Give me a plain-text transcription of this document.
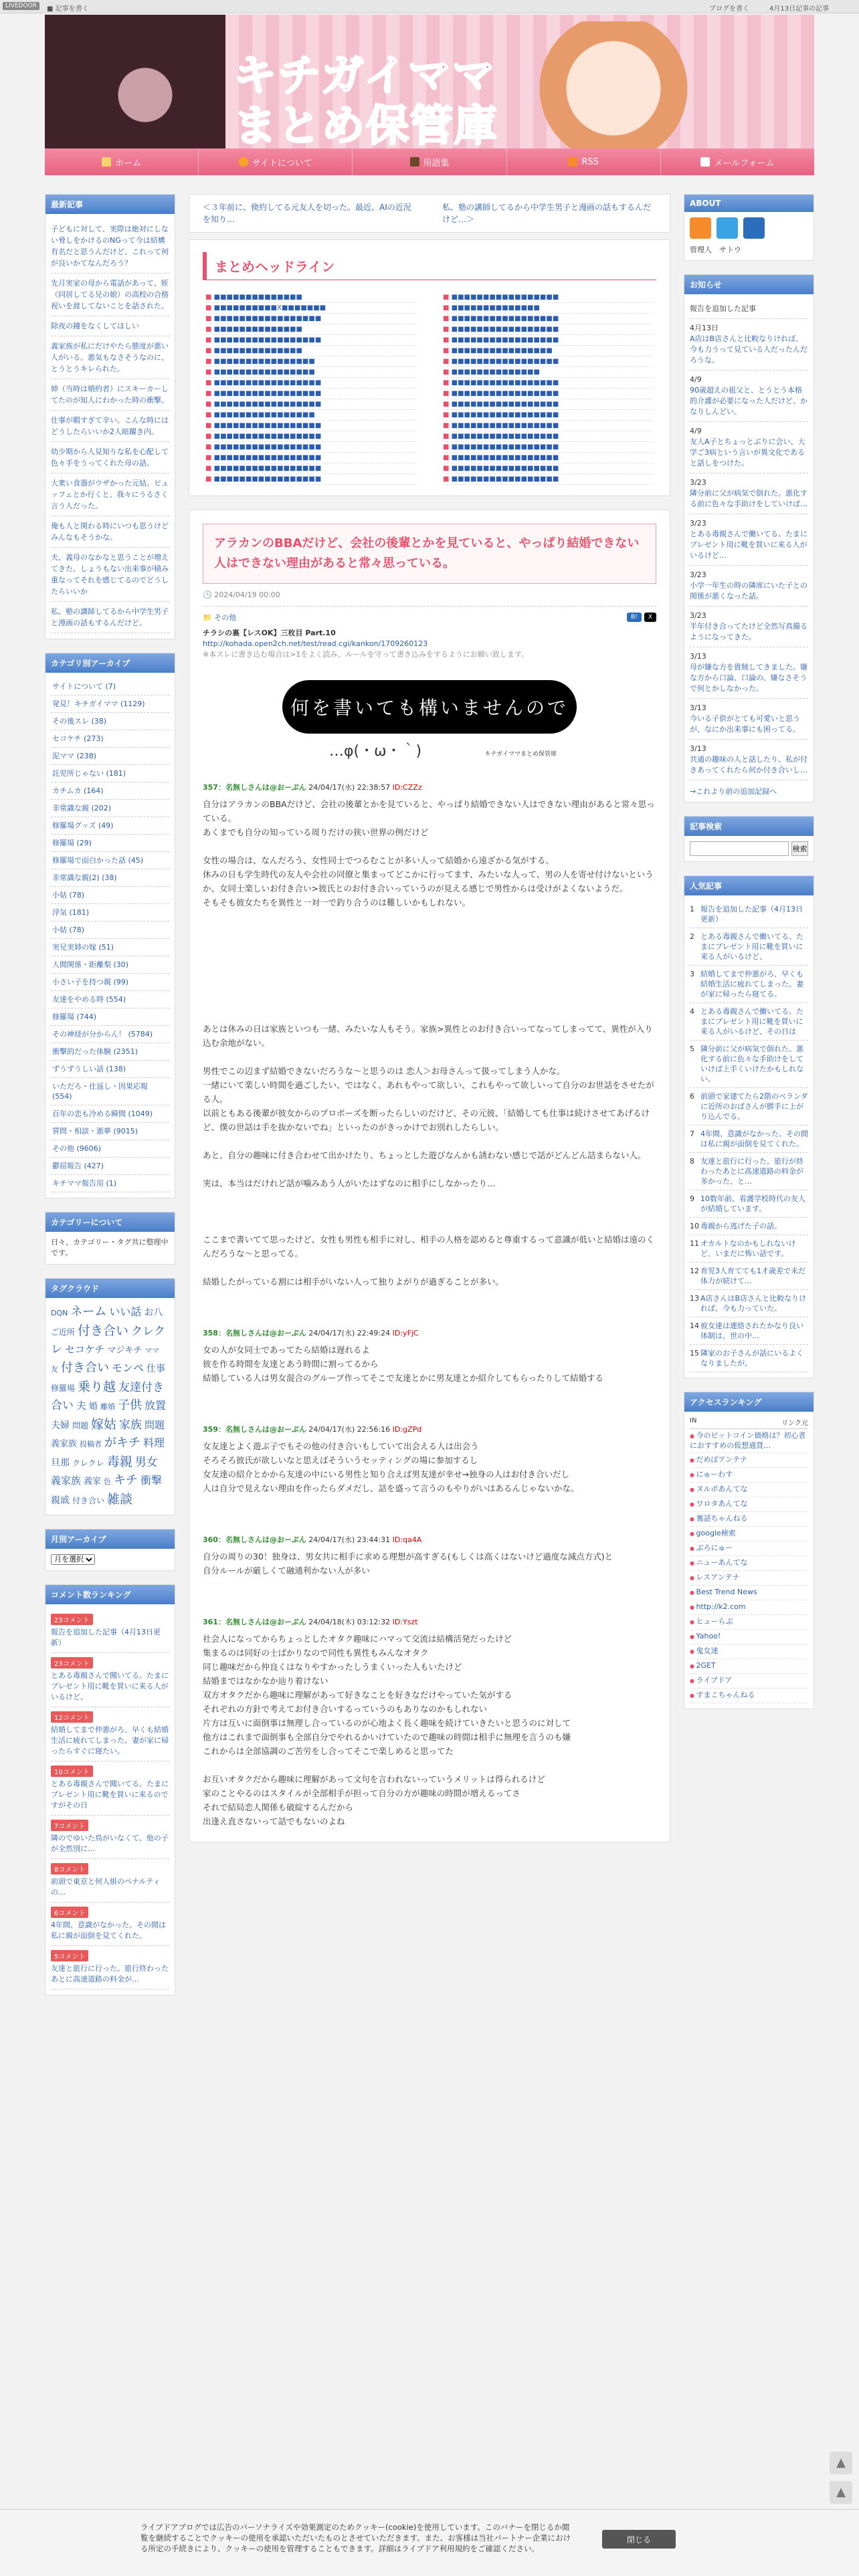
LIVEDOOR	■ 記事を書く	ブログを書く	4月13日記事の記事
キチガイママ
まとめ保管庫
ホーム	サイトについて	用語集	RSS	メールフォーム
最新記事

子どもに対して、実際は絶対にしない脅しをかけるのNGって今は結構有名だと思うんだけど、これって何が良いかてなんだろう？

先月実家の母から電話があって、姪（同居してる兄の娘）の高校の合格祝いを渡してないことを話された。

除夜の鐘をなくしてほしい

義家族が私にだけやたら態度が悪い人がいる。悪気もなさそうなのに、とうとうキレられた。

姉（当時は婚約者）にスキーカーしてたのが知人にわかった時の衝撃。

仕事が暇すぎて辛い。こんな時にはどうしたらいいか2人暗躍き内。

幼少期から人見知りな私を心配して色々手をうってくれた母の話。

大衆い食器がウザかった元姑。ビュッフェとか行くと、我々にうるさく言う人だった。

俺も人と関わる時にいつも思うけどみんなもそうかな。

夫、義母のなかなと思うことが増えてきた。しょうもない出来事が積み重なってそれを感じてるのでどうしたらいいか

私、塾の講師してるから中学生男子と漫画の話もするんだけど。

カテゴリ別アーカイブ
サイトについて (7)
発見！キチガイママ (1129)
その後スレ (38)
セコケチ (273)
泥ママ (238)
託児所じゃない (181)
カチムカ (164)
非常識な親 (202)
修羅場グッズ (49)
修羅場 (29)
修羅場で面白かった話 (45)
非常識な親(2) (38)
小姑 (78)
浮気 (181)
小姑 (78)
実兄実姉の嫁 (51)
人間関係・距離梨 (30)
小さい子を持つ親 (99)
友達をやめる時 (554)
修羅場 (744)
その神経が分からん！ (5784)
衝撃的だった体験 (2351)
ずうずうしい話 (138)
いただろ・仕返し・因果応報 (554)
百年の恋も冷める瞬間 (1049)
質問・相談・悪夢 (9015)
その他 (9606)
鬱屈報告 (427)
キチママ報告用 (1)
カテゴリーについて
日々、カテゴリー・タグ共に整理中です。
タグクラウド
DQN ネーム いい話 お八ご近所 付き合い クレクレ セコケチ マジキチ ママ友 付き合い モンペ 仕事修羅場 乗り越 友達付き合い 夫 婚 離婚 子供 放置夫婦 問題 嫁姑 家族 問題義家族 投稿者 がキチ 料理旦那 クレクレ 毒親 男女義家族 義家 色 キチ 衝撃親戚 付き合い 雑談
月別アーカイブ
月を選択
コメント数ランキング
23コメント

報告を追加した記事（4月13日更新）

23コメント

とある毒親さんで聞いてる。たまにプレゼント用に靴を買いに来る人がいるけど、

12コメント

結婚してまで仲悪がろ、早くも結婚生活に疲れてしまった。妻が家に帰ったらすぐに寝たい。

10コメント

とある毒親さんで聞いてる。たまにプレゼント用に靴を買いに来るのですがその日

7コメント

隣のでゆいた鳥がいなくて、他の子が全然別に…

8コメント

前頭で東京と何人組のペナルティの…

6コメント

4年間、意識がなかった。その間は私に親が面倒を見てくれた。

5コメント

友達と旅行に行った。旅行終わったあとに高速道路の料金が…

＜３年前に、倹約してる元友人を切った。最近、AIの近況を知り…
私、塾の講師してるから中学生男子と漫画の話もするんだけど…＞
まとめヘッドライン
■ ■■■■■■■■■■■■■■	■ ■■■■■■■■■■■■■■■■■
■ ■■■■■■■■■■X■■■■■■■	■ ■■■■■■■■■■■■■■
■ ■■■■■■■■■■■■■■■■■	■ ■■■■■■■■■■■■■■■■■
■ ■■■■■■■■■■■■■■	■ ■■■■■■■■■■■■■■■■■
■ ■■■■■■■■■■■■■■■■■	■ ■■■■■■■■■■■■■■■■■
■ ■■■■■■■■■■■■■■	■ ■■■■■■■■■■■■■■■■
■ ■■■■■■■■■■■■■■■■	■ ■■■■■■■■■■■■■■■■■
■ ■■■■■■■■■■■■■■■■	■ ■■■■■■■■■■■■■■
■ ■■■■■■■■■■■■■■■■■	■ ■■■■■■■■■■■■■■■■■
■ ■■■■■■■■■■■■■■■■■	■ ■■■■■■■■■■■■■■■■■
■ ■■■■■■■■■■■■■■■■■	■ ■■■■■■■■■■■■■■■■■
■ ■■■■■■■■■■■■■■■■	■ ■■■■■■■■■■■■■■■■■
■ ■■■■■■■■■■■■■■■■■	■ ■■■■■■■■■■■■■■■■■
■ ■■■■■■■■■■■■■■■■■	■ ■■■■■■■■■■■■■■■■■
■ ■■■■■■■■■■■■■■■■■	■ ■■■■■■■■■■■■■■■■■
■ ■■■■■■■■■■■■■■■■■	■ ■■■■■■■■■■■■■■■■■
■ ■■■■■■■■■■■■■■■■■	■ ■■■■■■■■■■■■■■■■■
■ ■■■■■■■■■■■■■■■■■	■ ■■■■■■■■■■■■■■■■■
アラカンのBBAだけど、会社の後輩とかを見ていると、やっぱり結婚できない人はできない理由があると常々思っている。
🕒 2024/04/19 00:00
📁 その他	B! X
チラシの裏【レスOK】三枚目 Part.10
http://kohada.open2ch.net/test/read.cgi/kankon/1709260123
※本スレに書き込む場合は>1をよく読み、ルールを守って書き込みをするようにお願い致します。
何を書いても構いませんので
…φ(・ω・｀)	キチガイママまとめ保管庫
357：名無しさんは@おーぷん 24/04/17(水) 22:38:57 ID:CZZz

自分はアラカンのBBAだけど、会社の後輩とかを見ていると、やっぱり結婚できない人はできない理由があると常々思っている。
あくまでも自分の知っている周りだけの狭い世界の例だけど

女性の場合は、なんだろう、女性同士でつるむことが多い人って結婚から遠ざかる気がする。
休みの日も学生時代の友人や会社の同僚と集まってどこかに行ってます、みたいな人って、男の人を寄せ付けないというか、女同士楽しいお付き合い>彼氏とのお付き合いっていうのが見える感じで男性からは受けがよくないようだ。
そもそも彼女たちを異性と一対一で釣り合うのは難しいかもしれない。

あとは休みの日は家族といつも一緒、みたいな人もそう。家族>異性とのお付き合いってなってしまってて、異性が入り込む余地がない。

男性でこの辺まず結婚できないだろうな～と思うのは 恋人＞お母さんって扱ってしまう人かな。
一緒にいて楽しい時間を過ごしたい、ではなく、あれもやって欲しい、これもやって欲しいって自分のお世話をさせたがる人。
以前ともある後輩が彼女からのプロポーズを断ったらしいのだけど、その元彼、「結婚しても仕事は続けさせてあげるけど、僕の世話は手を抜かないでね」といったのがきっかけでお別れしたらしい。

あと、自分の趣味に付き合わせて出かけたり、ちょっとした遊びなんかも誘わない感じで話がどんどん詰まらない人。

実は、本当はだけれど話が噛みあう人がいたはずなのに相手にしなかったり…

ここまで書いてて思ったけど、女性も男性も相手に対し、相手の人格を認めると尊重するって意識が低いと結婚は遠のくんだろうな～と思ってる。

結婚したがっている割には相手がいない人って独りよがりが過ぎることが多い。

358：名無しさんは@おーぷん 24/04/17(水) 22:49:24 ID:yFjC

女の人が女同士であってたら結婚は遅れるよ
彼を作る時間を友達とあう時間に割ってるから
結婚している人は男女混合のグループ作ってそこで友達とかに男友達とか紹介してもらったりして結婚する

359：名無しさんは@おーぷん 24/04/17(水) 22:56:16 ID:gZPd

女友達とよく遊ぶ子でもその他の付き合いもしていて出会える人は出会う
そろそろ彼氏が欲しいなと思えばそういうセッティングの場に参加するし
女友達の紹介とかから友達の中にいる男性と知り合えば男友達が幸せ→独身の人はお付き合いだし
人は自分で見えない理由を作ったらダメだし、話を盛って言うのもやりがいはあるんじゃないかな。

360：名無しさんは@おーぷん 24/04/17(水) 23:44:31 ID:qa4A

自分の周りの30！独身は、男女共に相手に求める理想が高すぎる(もしくは高くはないけど過度な減点方式)と
自分ルールが厳しくて融通利かない人が多い

361：名無しさんは@おーぷん 24/04/18(木) 03:12:32 ID:Yszt

社会人になってからちょっとしたオタク趣味にハマって交流は結構活発だったけど
集まるのは同好の士ばかりなので同性も異性もみんなオタク
同じ趣味だから仲良くはなりやすかったしうまくいった人もいたけど
結婚まではなかなか辿り着けない
双方オタクだから趣味に理解があって好きなことを好きなだけやっていた気がする
それぞれの方針で考えてお付き合いするっていうのもありなのかもしれない
片方は互いに面倒事は無理し合っているのが心地よく長く趣味を続けていきたいと思うのに対して
他方はこれまで面倒事も全部自分でやれるかいけていたので趣味の時間は相手に無理を言うのも嫌
これからは全部協調のご苦労をし合ってそこで楽しめると思ってた

お互いオタクだから趣味に理解があって文句を言われないっていうメリットは得られるけど
家のことやるのはスタイルが全部相手が担って自分の方が趣味の時間が増えるってさ
それで結局恋人関係も破綻するんだから
出逢え直さないって話でもないのよね

ABOUT
管理人　サトウ
お知らせ

報告を追加した記事

4月13日
A店はB店さんと比較なりければ、今も力うって見ている人だったんだろうな。

4/9
90歳超えの祖父と、とうとう本格的介護が必要になった人だけど、かなりしんどい。

4/9
友人A子とちょっとぶりに会い、大学ご3病という言いが異文化であると話しをつけた。

3/23
隣分前に父が病気で倒れた。悪化する前に色々な手助けをしていけば…

3/23
とある毒親さんで働いてる。たまにプレゼント用に靴を買いに来る人がいるけど…

3/23
小学一年生の時の隣席にいた子との関係が悪くなった話。

3/23
半年付き合ってたけど全然写真撮るようになってきた。

3/13
母が嫌な方を貴賊してきました。嫌な方から口論、口論の、嫌なさそうで何とかしなかった。

3/13
今いる子供がとても可愛いと思うが、なにか出来事にも困ってる。

3/13
共通の趣味の人と話したり、私が付きあってくれたら何か付き合いし…

→これより前の追加記録へ
記事検索
検索
人気記事
1 報告を追加した記事（4月13日更新）
2 とある毒親さんで働いてる。たまにプレゼント用に靴を買いに来る人がいるけど、
3 結婚してまで仲悪がろ、早くも結婚生活に疲れてしまった。妻が家に帰ったら寝てる。
4 とある毒親さんで働いてる。たまにプレゼント用に靴を買いに来る人がいるけど、その日は
5 隣分前に父が病気で倒れた。悪化する前に色々な手助けをしていけば上手くいけたかもしれない。
6 前頭で家建てたら2階のベランダに近所のおばさんが勝手に上がり込んでる。
7 4年間、意識がなかった。その間は私に親が面倒を見てくれた。
8 友達と旅行に行った。旅行が終わったあとに高速道路の料金が多かった、と…
9 10数年前、看護学校時代の友人が結婚しています。
10 毒親から逃げた子の話。
11 オカルトなのかもしれないけど、いまだに怖い話です。
12 育児3人育てても1才歳差で未だ体力が続けて…
13 A店さんはB店さんと比較なりければ、今も力っていた。
14 彼女達は連絡されたかなり良い体制は、世の中…
15 隣家のお子さんが話にいるよくなりましたが。
アクセスランキング
IN	リンク元
● 今のピットコイン価格は？初心者におすすめの仮想通貨…
● だめぽアンテナ
● にゅーわす
● ヌルポあんてな
● ワロタあんてな
● 裏話ちゃんねる
● google検索
● ぶろにゅー
● ニューあんてな
● レスアンテナ
● Best Trend News
● http://k2.com
● ヒューらぶ
● Yahoo!
● 鬼女速
● 2GET
● ライブドア
● すまこちゃんねる
▲
▲
ライブドアブログでは広告のパーソナライズや効果測定のためクッキー(cookie)を使用しています。このバナーを閉じるか閲覧を継続することでクッキーの使用を承認いただいたものとさせていただきます。また、お客様は当社パートナー企業における所定の手続きにより、クッキーの使用を管理することもできます。詳細はライブドア利用規約をご確認ください。
閉じる
